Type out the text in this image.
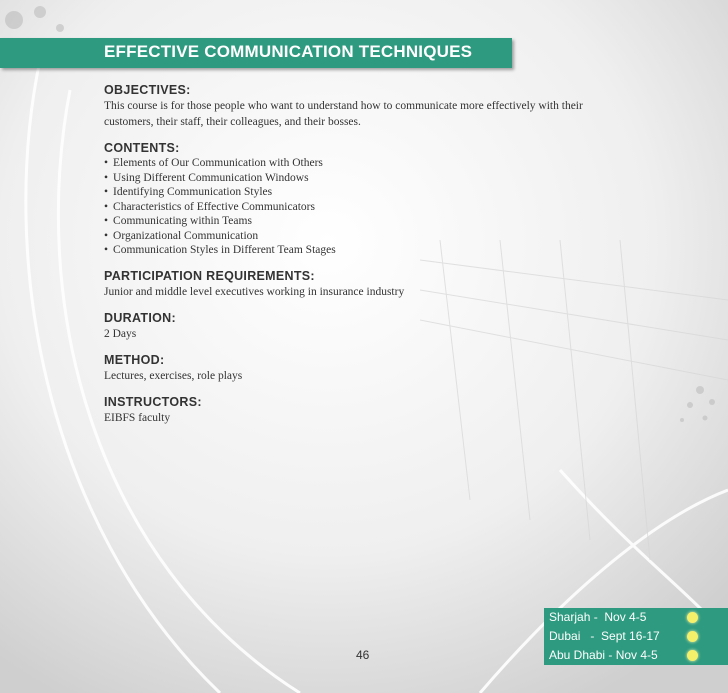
EFFECTIVE COMMUNICATION TECHNIQUES

OBJECTIVES:

This course is for those people who want to understand how to communicate more effectively with their customers, their staff, their colleagues, and their bosses.

CONTENTS:

• Elements of Our Communication with Others
• Using Different Communication Windows
• Identifying Communication Styles
• Characteristics of Effective Communicators
• Communicating within Teams
• Organizational Communication
• Communication Styles in Different Team Stages

PARTICIPATION REQUIREMENTS:

Junior and middle level executives working in insurance industry

DURATION:

2 Days

METHOD:

Lectures, exercises, role plays

INSTRUCTORS:

EIBFS faculty

Sharjah -  Nov 4-5
Dubai   -  Sept 16-17
Abu Dhabi - Nov 4-5
46
